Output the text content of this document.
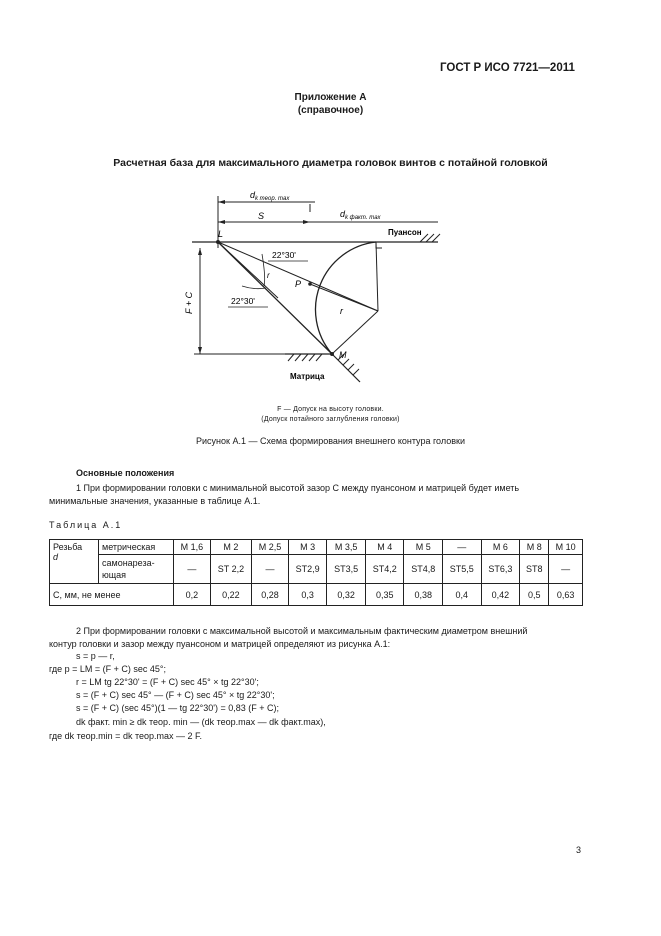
ГОСТ Р ИСО 7721—2011
Приложение А
(справочное)
Расчетная база для максимального диаметра головок винтов с потайной головкой
$d_{k теор. max}$
S	$d_{k факт. max}$
Пуансон
F + C
Матрица
L
M
P
r
r
22°30'
22°30'
F — Допуск на высоту головки.
(Допуск потайного заглубления головки)
Рисунок А.1 — Схема формирования внешнего контура головки
Основные положения
1 При формировании головки с минимальной высотой зазор C между пуансоном и матрицей будет иметь
минимальные значения, указанные в таблице А.1.
Таблица А.1
Резьба
d	метрическая	М 1,6	М 2	М 2,5	М 3	М 3,5	М 4	М 5	—	М 6	М 8	М 10
	самонареза-ющая	—	ST 2,2	—	ST2,9	ST3,5	ST4,2	ST4,8	ST5,5	ST6,3	ST8	—
C, мм, не менее		0,2	0,22	0,28	0,3	0,32	0,35	0,38	0,4	0,42	0,5	0,63
2 При формировании головки с максимальной высотой и максимальным фактическим диаметром внешний
контур головки и зазор между пуансоном и матрицей определяют из рисунка А.1:
s = p — r,
где p = LM = (F + C) sec 45°;
r = LM tg 22°30' = (F + C) sec 45° × tg 22°30';
s = (F + C) sec 45° — (F + C) sec 45° × tg 22°30';
s = (F + C) (sec 45°)(1 — tg 22°30') = 0,83 (F + C);
dk факт. min ≥ dk теор. min — (dk теор.max — dk факт.max),
где dk теор.min = dk теор.max — 2 F.
3
